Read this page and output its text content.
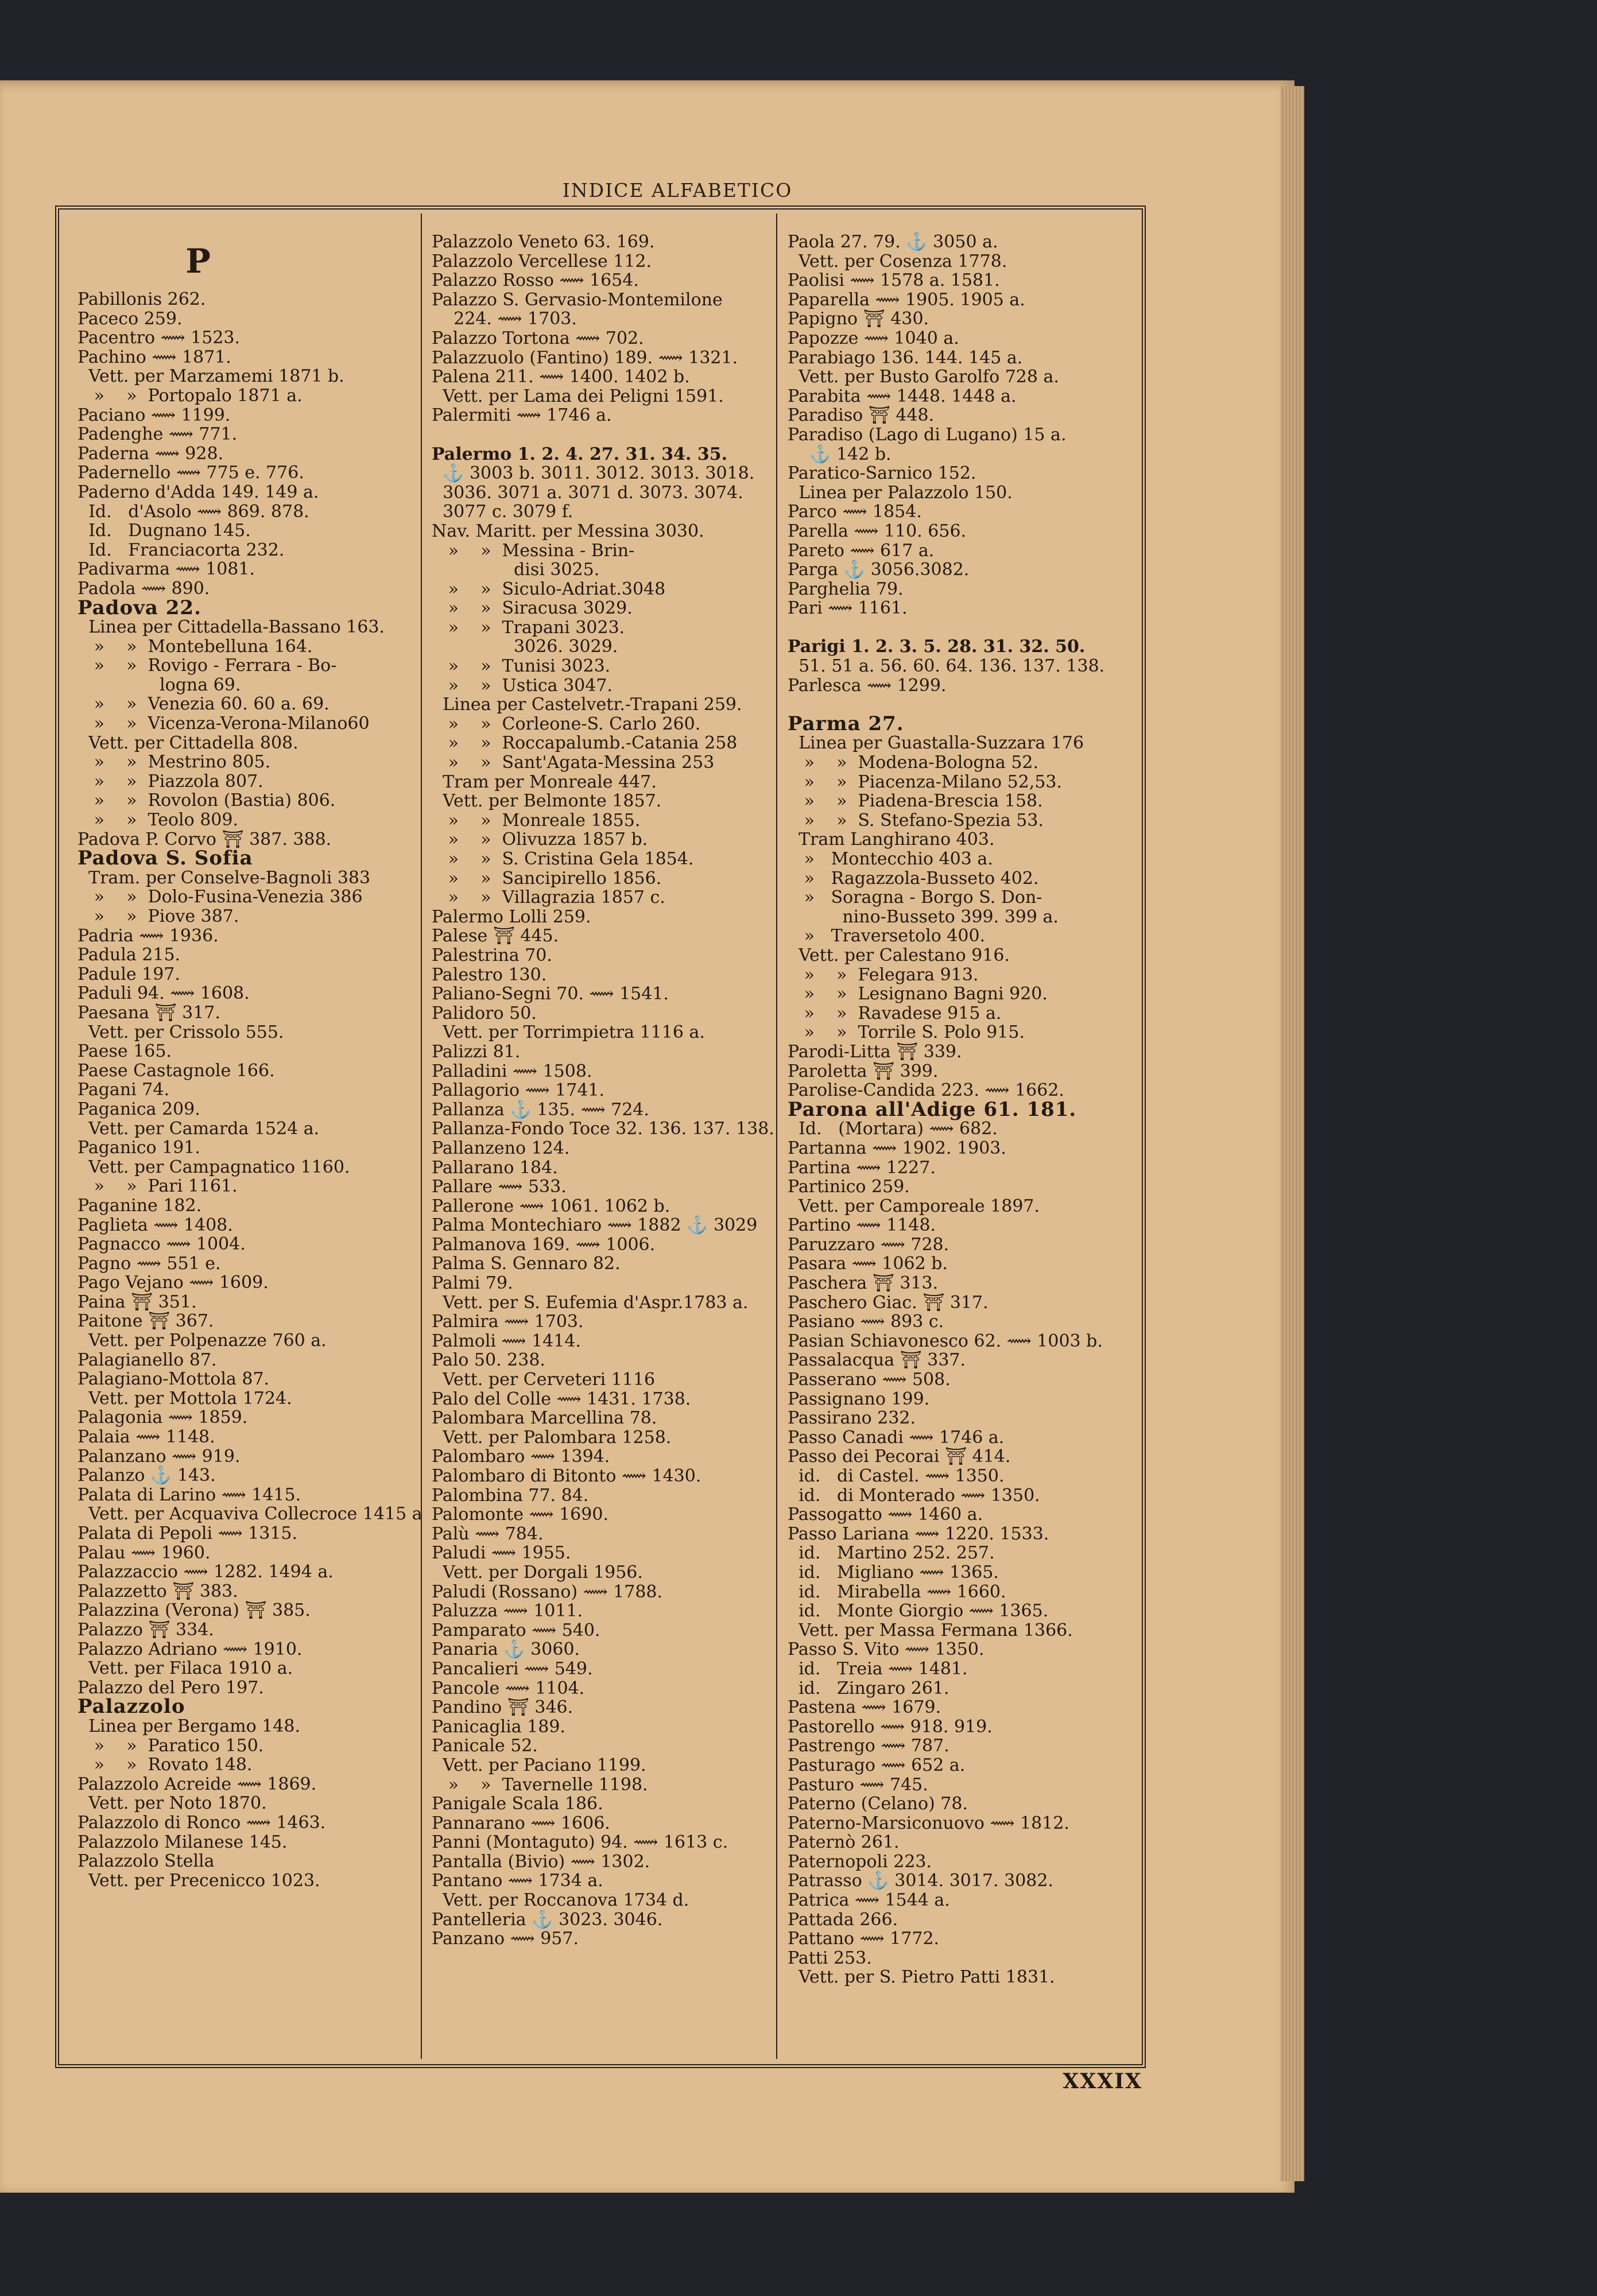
INDICE ALFABETICO
P
Pabillonis 262.
Paceco 259.
Pacentro ⟿ 1523.
Pachino ⟿ 1871.
Vett. per Marzamemi 1871 b.
»    »  Portopalo 1871 a.
Paciano ⟿ 1199.
Padenghe ⟿ 771.
Paderna ⟿ 928.
Padernello ⟿ 775 e. 776.
Paderno d'Adda 149. 149 a.
Id.   d'Asolo ⟿ 869. 878.
Id.   Dugnano 145.
Id.   Franciacorta 232.
Padivarma ⟿ 1081.
Padola ⟿ 890.
Padova 22.
Linea per Cittadella-Bassano 163.
»    »  Montebelluna 164.
»    »  Rovigo - Ferrara - Bo-
logna 69.
»    »  Venezia 60. 60 a. 69.
»    »  Vicenza-Verona-Milano60
Vett. per Cittadella 808.
»    »  Mestrino 805.
»    »  Piazzola 807.
»    »  Rovolon (Bastia) 806.
»    »  Teolo 809.
Padova P. Corvo ⛩ 387. 388.
Padova S. Sofia
Tram. per Conselve-Bagnoli 383
»    »  Dolo-Fusina-Venezia 386
»    »  Piove 387.
Padria ⟿ 1936.
Padula 215.
Padule 197.
Paduli 94. ⟿ 1608.
Paesana ⛩ 317.
Vett. per Crissolo 555.
Paese 165.
Paese Castagnole 166.
Pagani 74.
Paganica 209.
Vett. per Camarda 1524 a.
Paganico 191.
Vett. per Campagnatico 1160.
»    »  Pari 1161.
Paganine 182.
Paglieta ⟿ 1408.
Pagnacco ⟿ 1004.
Pagno ⟿ 551 e.
Pago Vejano ⟿ 1609.
Paina ⛩ 351.
Paitone ⛩ 367.
Vett. per Polpenazze 760 a.
Palagianello 87.
Palagiano-Mottola 87.
Vett. per Mottola 1724.
Palagonia ⟿ 1859.
Palaia ⟿ 1148.
Palanzano ⟿ 919.
Palanzo ⚓ 143.
Palata di Larino ⟿ 1415.
Vett. per Acquaviva Collecroce 1415 a
Palata di Pepoli ⟿ 1315.
Palau ⟿ 1960.
Palazzaccio ⟿ 1282. 1494 a.
Palazzetto ⛩ 383.
Palazzina (Verona) ⛩ 385.
Palazzo ⛩ 334.
Palazzo Adriano ⟿ 1910.
Vett. per Filaca 1910 a.
Palazzo del Pero 197.
Palazzolo
Linea per Bergamo 148.
»    »  Paratico 150.
»    »  Rovato 148.
Palazzolo Acreide ⟿ 1869.
Vett. per Noto 1870.
Palazzolo di Ronco ⟿ 1463.
Palazzolo Milanese 145.
Palazzolo Stella
Vett. per Precenicco 1023.
Palazzolo Veneto 63. 169.
Palazzolo Vercellese 112.
Palazzo Rosso ⟿ 1654.
Palazzo S. Gervasio-Montemilone
224. ⟿ 1703.
Palazzo Tortona ⟿ 702.
Palazzuolo (Fantino) 189. ⟿ 1321.
Palena 211. ⟿ 1400. 1402 b.
Vett. per Lama dei Peligni 1591.
Palermiti ⟿ 1746 a.
Palermo 1. 2. 4. 27. 31. 34. 35.
⚓ 3003 b. 3011. 3012. 3013. 3018.
3036. 3071 a. 3071 d. 3073. 3074.
3077 c. 3079 f.
Nav. Maritt. per Messina 3030.
»    »  Messina - Brin-
disi 3025.
»    »  Siculo-Adriat.3048
»    »  Siracusa 3029.
»    »  Trapani 3023.
3026. 3029.
»    »  Tunisi 3023.
»    »  Ustica 3047.
Linea per Castelvetr.-Trapani 259.
»    »  Corleone-S. Carlo 260.
»    »  Roccapalumb.-Catania 258
»    »  Sant'Agata-Messina 253
Tram per Monreale 447.
Vett. per Belmonte 1857.
»    »  Monreale 1855.
»    »  Olivuzza 1857 b.
»    »  S. Cristina Gela 1854.
»    »  Sancipirello 1856.
»    »  Villagrazia 1857 c.
Palermo Lolli 259.
Palese ⛩ 445.
Palestrina 70.
Palestro 130.
Paliano-Segni 70. ⟿ 1541.
Palidoro 50.
Vett. per Torrimpietra 1116 a.
Palizzi 81.
Palladini ⟿ 1508.
Pallagorio ⟿ 1741.
Pallanza ⚓ 135. ⟿ 724.
Pallanza-Fondo Toce 32. 136. 137. 138.
Pallanzeno 124.
Pallarano 184.
Pallare ⟿ 533.
Pallerone ⟿ 1061. 1062 b.
Palma Montechiaro ⟿ 1882 ⚓ 3029
Palmanova 169. ⟿ 1006.
Palma S. Gennaro 82.
Palmi 79.
Vett. per S. Eufemia d'Aspr.1783 a.
Palmira ⟿ 1703.
Palmoli ⟿ 1414.
Palo 50. 238.
Vett. per Cerveteri 1116
Palo del Colle ⟿ 1431. 1738.
Palombara Marcellina 78.
Vett. per Palombara 1258.
Palombaro ⟿ 1394.
Palombaro di Bitonto ⟿ 1430.
Palombina 77. 84.
Palomonte ⟿ 1690.
Palù ⟿ 784.
Paludi ⟿ 1955.
Vett. per Dorgali 1956.
Paludi (Rossano) ⟿ 1788.
Paluzza ⟿ 1011.
Pamparato ⟿ 540.
Panaria ⚓ 3060.
Pancalieri ⟿ 549.
Pancole ⟿ 1104.
Pandino ⛩ 346.
Panicaglia 189.
Panicale 52.
Vett. per Paciano 1199.
»    »  Tavernelle 1198.
Panigale Scala 186.
Pannarano ⟿ 1606.
Panni (Montaguto) 94. ⟿ 1613 c.
Pantalla (Bivio) ⟿ 1302.
Pantano ⟿ 1734 a.
Vett. per Roccanova 1734 d.
Pantelleria ⚓ 3023. 3046.
Panzano ⟿ 957.
Paola 27. 79. ⚓ 3050 a.
Vett. per Cosenza 1778.
Paolisi ⟿ 1578 a. 1581.
Paparella ⟿ 1905. 1905 a.
Papigno ⛩ 430.
Papozze ⟿ 1040 a.
Parabiago 136. 144. 145 a.
Vett. per Busto Garolfo 728 a.
Parabita ⟿ 1448. 1448 a.
Paradiso ⛩ 448.
Paradiso (Lago di Lugano) 15 a.
⚓ 142 b.
Paratico-Sarnico 152.
Linea per Palazzolo 150.
Parco ⟿ 1854.
Parella ⟿ 110. 656.
Pareto ⟿ 617 a.
Parga ⚓ 3056.3082.
Parghelia 79.
Pari ⟿ 1161.
Parigi 1. 2. 3. 5. 28. 31. 32. 50.
51. 51 a. 56. 60. 64. 136. 137. 138.
Parlesca ⟿ 1299.
Parma 27.
Linea per Guastalla-Suzzara 176
»    »  Modena-Bologna 52.
»    »  Piacenza-Milano 52,53.
»    »  Piadena-Brescia 158.
»    »  S. Stefano-Spezia 53.
Tram Langhirano 403.
»   Montecchio 403 a.
»   Ragazzola-Busseto 402.
»   Soragna - Borgo S. Don-
nino-Busseto 399. 399 a.
»   Traversetolo 400.
Vett. per Calestano 916.
»    »  Felegara 913.
»    »  Lesignano Bagni 920.
»    »  Ravadese 915 a.
»    »  Torrile S. Polo 915.
Parodi-Litta ⛩ 339.
Paroletta ⛩ 399.
Parolise-Candida 223. ⟿ 1662.
Parona all'Adige 61. 181.
Id.   (Mortara) ⟿ 682.
Partanna ⟿ 1902. 1903.
Partina ⟿ 1227.
Partinico 259.
Vett. per Camporeale 1897.
Partino ⟿ 1148.
Paruzzaro ⟿ 728.
Pasara ⟿ 1062 b.
Paschera ⛩ 313.
Paschero Giac. ⛩ 317.
Pasiano ⟿ 893 c.
Pasian Schiavonesco 62. ⟿ 1003 b.
Passalacqua ⛩ 337.
Passerano ⟿ 508.
Passignano 199.
Passirano 232.
Passo Canadi ⟿ 1746 a.
Passo dei Pecorai ⛩ 414.
id.   di Castel. ⟿ 1350.
id.   di Monterado ⟿ 1350.
Passogatto ⟿ 1460 a.
Passo Lariana ⟿ 1220. 1533.
id.   Martino 252. 257.
id.   Migliano ⟿ 1365.
id.   Mirabella ⟿ 1660.
id.   Monte Giorgio ⟿ 1365.
Vett. per Massa Fermana 1366.
Passo S. Vito ⟿ 1350.
id.   Treia ⟿ 1481.
id.   Zingaro 261.
Pastena ⟿ 1679.
Pastorello ⟿ 918. 919.
Pastrengo ⟿ 787.
Pasturago ⟿ 652 a.
Pasturo ⟿ 745.
Paterno (Celano) 78.
Paterno-Marsiconuovo ⟿ 1812.
Paternò 261.
Paternopoli 223.
Patrasso ⚓ 3014. 3017. 3082.
Patrica ⟿ 1544 a.
Pattada 266.
Pattano ⟿ 1772.
Patti 253.
Vett. per S. Pietro Patti 1831.
XXXIX
